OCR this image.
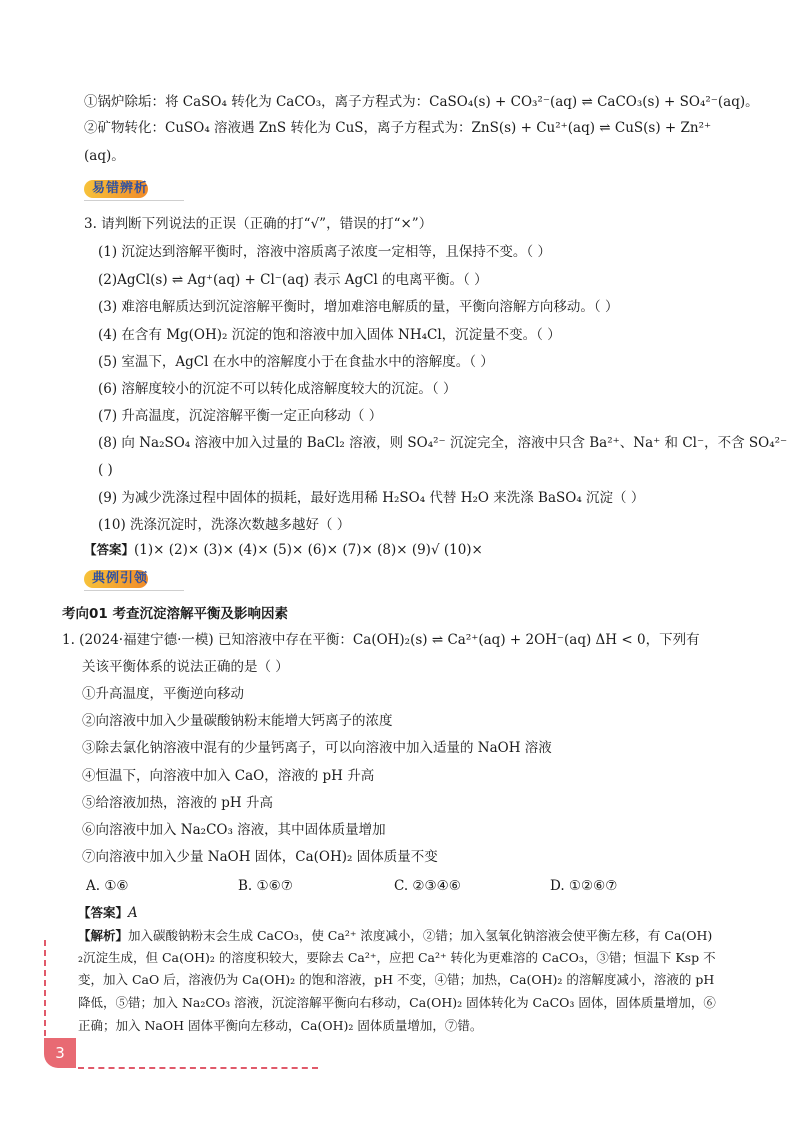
①锅炉除垢：将 CaSO₄ 转化为 CaCO₃，离子方程式为：CaSO₄(s) + CO₃²⁻(aq) ⇌ CaCO₃(s) + SO₄²⁻(aq)。
②矿物转化：CuSO₄ 溶液遇 ZnS 转化为 CuS，离子方程式为：ZnS(s) + Cu²⁺(aq) ⇌ CuS(s) + Zn²⁺
(aq)。
易错辨析
3. 请判断下列说法的正误（正确的打“√”，错误的打“×”）
(1) 沉淀达到溶解平衡时，溶液中溶质离子浓度一定相等，且保持不变。（ ）
(2)AgCl(s) ⇌ Ag⁺(aq) + Cl⁻(aq) 表示 AgCl 的电离平衡。（ ）
(3) 难溶电解质达到沉淀溶解平衡时，增加难溶电解质的量，平衡向溶解方向移动。（ ）
(4) 在含有 Mg(OH)₂ 沉淀的饱和溶液中加入固体 NH₄Cl，沉淀量不变。（ ）
(5) 室温下，AgCl 在水中的溶解度小于在食盐水中的溶解度。（ ）
(6) 溶解度较小的沉淀不可以转化成溶解度较大的沉淀。（ ）
(7) 升高温度，沉淀溶解平衡一定正向移动（ ）
(8) 向 Na₂SO₄ 溶液中加入过量的 BaCl₂ 溶液，则 SO₄²⁻ 沉淀完全，溶液中只含 Ba²⁺、Na⁺ 和 Cl⁻，不含 SO₄²⁻
( )
(9) 为减少洗涤过程中固体的损耗，最好选用稀 H₂SO₄ 代替 H₂O 来洗涤 BaSO₄ 沉淀（ ）
(10) 洗涤沉淀时，洗涤次数越多越好（ ）
【答案】(1)× (2)× (3)× (4)× (5)× (6)× (7)× (8)× (9)√ (10)×
典例引领
考向01 考查沉淀溶解平衡及影响因素
1. (2024·福建宁德·一模) 已知溶液中存在平衡：Ca(OH)₂(s) ⇌ Ca²⁺(aq) + 2OH⁻(aq) ΔH < 0，下列有
关该平衡体系的说法正确的是（ ）
①升高温度，平衡逆向移动
②向溶液中加入少量碳酸钠粉末能增大钙离子的浓度
③除去氯化钠溶液中混有的少量钙离子，可以向溶液中加入适量的 NaOH 溶液
④恒温下，向溶液中加入 CaO，溶液的 pH 升高
⑤给溶液加热，溶液的 pH 升高
⑥向溶液中加入 Na₂CO₃ 溶液，其中固体质量增加
⑦向溶液中加入少量 NaOH 固体，Ca(OH)₂ 固体质量不变
A. ①⑥	B. ①⑥⑦	C. ②③④⑥	D. ①②⑥⑦
【答案】A
【解析】加入碳酸钠粉末会生成 CaCO₃，使 Ca²⁺ 浓度减小，②错；加入氢氧化钠溶液会使平衡左移，有 Ca(OH)
₂沉淀生成，但 Ca(OH)₂ 的溶度积较大，要除去 Ca²⁺，应把 Ca²⁺ 转化为更难溶的 CaCO₃，③错；恒温下 Ksp 不
变，加入 CaO 后，溶液仍为 Ca(OH)₂ 的饱和溶液，pH 不变，④错；加热，Ca(OH)₂ 的溶解度减小，溶液的 pH
降低，⑤错；加入 Na₂CO₃ 溶液，沉淀溶解平衡向右移动，Ca(OH)₂ 固体转化为 CaCO₃ 固体，固体质量增加，⑥
正确；加入 NaOH 固体平衡向左移动，Ca(OH)₂ 固体质量增加，⑦错。
3
